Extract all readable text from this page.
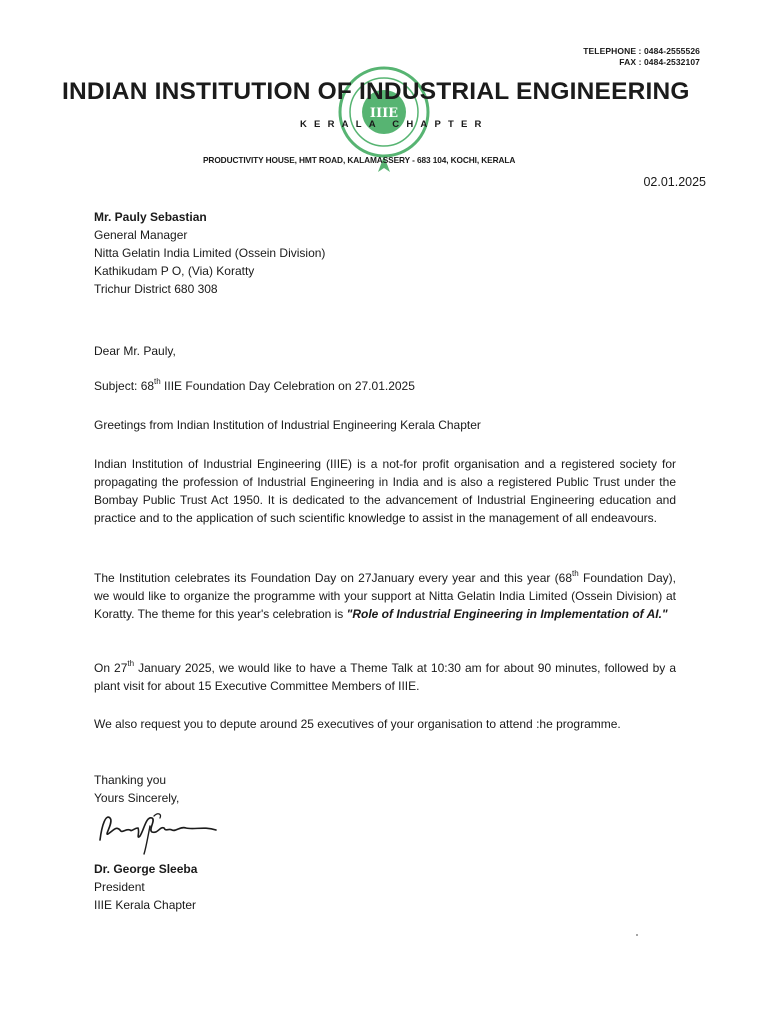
TELEPHONE : 0484-2555526
FAX : 0484-2532107
IIIE
INDIAN INSTITUTION OF INDUSTRIAL ENGINEERING
KERALA CHAPTER
PRODUCTIVITY HOUSE, HMT ROAD, KALAMASSERY - 683 104, KOCHI, KERALA
02.01.2025
Mr. Pauly Sebastian
General Manager
Nitta Gelatin India Limited (Ossein Division)
Kathikudam P O, (Via) Koratty
Trichur District 680 308
Dear Mr. Pauly,
Subject: 68th IIIE Foundation Day Celebration on 27.01.2025
Greetings from Indian Institution of Industrial Engineering Kerala Chapter
Indian Institution of Industrial Engineering (IIIE) is a not-for profit organisation and a registered society for propagating the profession of Industrial Engineering in India and is also a registered Public Trust under the Bombay Public Trust Act 1950. It is dedicated to the advancement of Industrial Engineering education and practice and to the application of such scientific knowledge to assist in the management of all endeavours.
The Institution celebrates its Foundation Day on 27January every year and this year (68th Foundation Day), we would like to organize the programme with your support at Nitta Gelatin India Limited (Ossein Division) at Koratty. The theme for this year's celebration is "Role of Industrial Engineering in Implementation of AI."
On 27th January 2025, we would like to have a Theme Talk at 10:30 am for about 90 minutes, followed by a plant visit for about 15 Executive Committee Members of IIIE.
We also request you to depute around 25 executives of your organisation to attend :he programme.
Thanking you
Yours Sincerely,
Dr. George Sleeba
President
IIIE Kerala Chapter
